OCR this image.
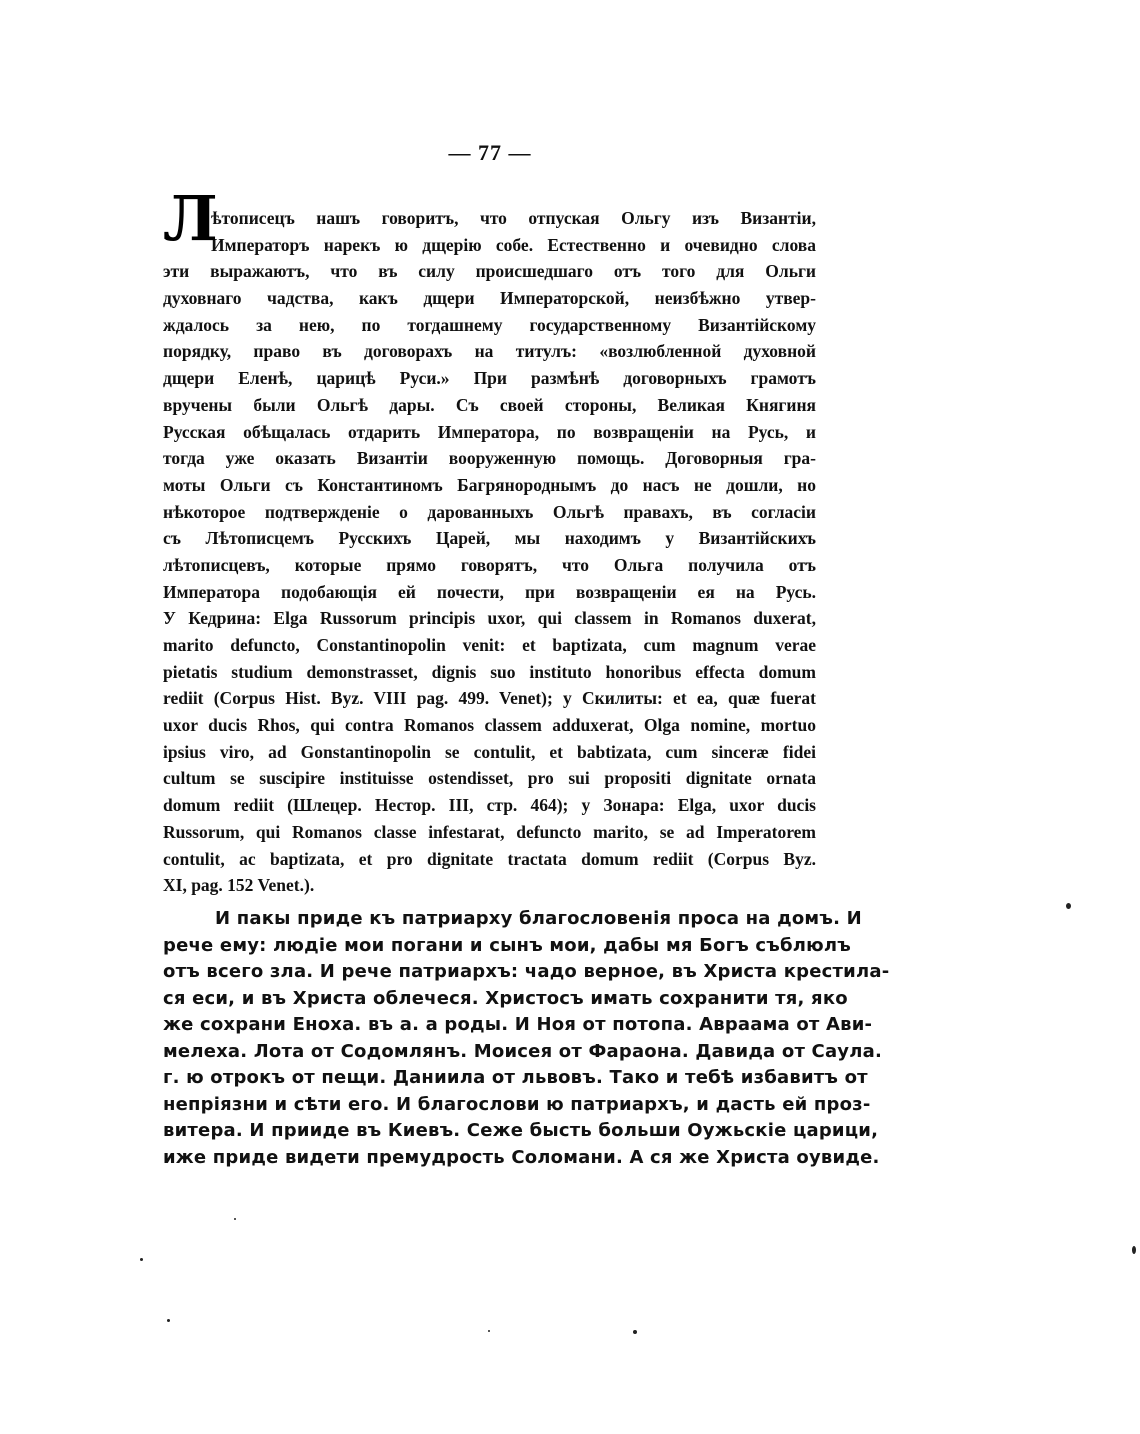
— 77 —
Л
ѣтописецъ нашъ говоритъ, что отпуская Ольгу изъ Византіи,
Императоръ нарекъ ю дщерію собе. Естественно и очевидно слова
эти выражаютъ, что въ силу происшедшаго отъ того для Ольги
духовнаго чадства, какъ дщери Императорской, неизбѣжно утвер-
ждалось за нею, по тогдашнему государственному Византійскому
порядку, право въ договорахъ на титулъ: «возлюбленной духовной
дщери Еленѣ, царицѣ Руси.» При размѣнѣ договорныхъ грамотъ
вручены были Ольгѣ дары. Съ своей стороны, Великая Княгиня
Русская обѣщалась отдарить Императора, по возвращеніи на Русь, и
тогда уже оказать Византіи вооруженную помощь. Договорныя гра-
моты Ольги съ Константиномъ Багрянороднымъ до насъ не дошли, но
нѣкоторое подтвержденіе о дарованныхъ Ольгѣ правахъ, въ согласіи
съ Лѣтописцемъ Русскихъ Царей, мы находимъ у Византійскихъ
лѣтописцевъ, которые прямо говорятъ, что Ольга получила отъ
Императора подобающія ей почести, при возвращеніи ея на Русь.
У Кедрина: Elga Russorum principis uxor, qui classem in Romanos duxerat,
marito defuncto, Constantinopolin venit: et baptizata, cum magnum verae
pietatis studium demonstrasset, dignis suo instituto honoribus effecta domum
rediit (Corpus Hist. Byz. VIII pag. 499. Venet); у Скилиты: et ea, quæ fuerat
uxor ducis Rhos, qui contra Romanos classem adduxerat, Olga nomine, mortuo
ipsius viro, ad Gonstantinopolin se contulit, et babtizata, cum sinceræ fidei
cultum se suscipire instituisse ostendisset, pro sui propositi dignitate ornata
domum rediit (Шлецер. Нестор. III, стр. 464); у Зонара: Elga, uxor ducis
Russorum, qui Romanos classe infestarat, defuncto marito, se ad Imperatorem
contulit, ac baptizata, et pro dignitate tractata domum rediit (Corpus Byz.
XI, pag. 152 Venet.).
И пакы приде къ патриарху благословенія проса на домъ. И
рече ему: людіе мои погани и сынъ мои, дабы мя Богъ съблюлъ
отъ всего зла. И рече патриархъ: чадо верное, въ Христа крестила-
ся еси, и въ Христа облечеся. Христосъ имать сохранити тя, яко
же сохрани Еноха. въ а. а роды. И Ноя от потопа. Авраама от Ави-
мелеха. Лота от Содомлянъ. Моисея от Фараона. Давида от Саула.
г. ю отрокъ от пещи. Даниила от львовъ. Тако и тебѣ избавитъ от
непріязни и сѣти его. И благослови ю патриархъ, и дасть ей проз-
витера. И прииде въ Киевъ. Сеже бысть больши Оужьскіе царици,
иже приде видети премудрость Соломани. А ся же Христа оувиде.
